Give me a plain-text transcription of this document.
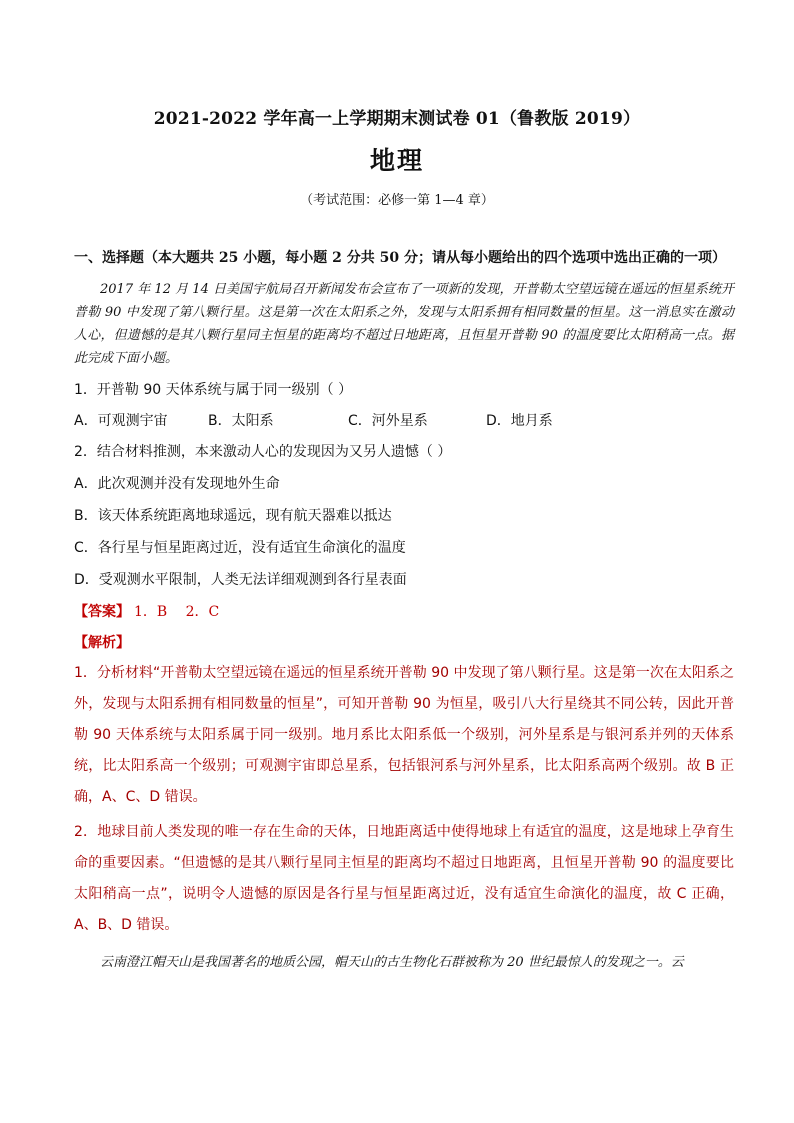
2021-2022 学年高一上学期期末测试卷 01（鲁教版 2019）
地理
（考试范围：必修一第 1—4 章）
一、选择题（本大题共 25 小题，每小题 2 分共 50 分；请从每小题给出的四个选项中选出正确的一项）

2017 年 12 月 14 日美国宇航局召开新闻发布会宣布了一项新的发现，开普勒太空望远镜在遥远的恒星系统开普勒 90 中发现了第八颗行星。这是第一次在太阳系之外，发现与太阳系拥有相同数量的恒星。这一消息实在激动人心，但遗憾的是其八颗行星同主恒星的距离均不超过日地距离，且恒星开普勒 90 的温度要比太阳稍高一点。据此完成下面小题。

1．开普勒 90 天体系统与属于同一级别（ ）
A．可观测宇宙	B．太阳系	C．河外星系	D．地月系
2．结合材料推测，本来激动人心的发现因为又另人遗憾（ ）
A．此次观测并没有发现地外生命
B．该天体系统距离地球遥远，现有航天器难以抵达
C．各行星与恒星距离过近，没有适宜生命演化的温度
D．受观测水平限制，人类无法详细观测到各行星表面
【答案】 1．B　 2．C
【解析】

1．分析材料“开普勒太空望远镜在遥远的恒星系统开普勒 90 中发现了第八颗行星。这是第一次在太阳系之外，发现与太阳系拥有相同数量的恒星”，可知开普勒 90 为恒星，吸引八大行星绕其不同公转，因此开普勒 90 天体系统与太阳系属于同一级别。地月系比太阳系低一个级别，河外星系是与银河系并列的天体系统，比太阳系高一个级别；可观测宇宙即总星系，包括银河系与河外星系，比太阳系高两个级别。故 B 正确，A、C、D 错误。

2．地球目前人类发现的唯一存在生命的天体，日地距离适中使得地球上有适宜的温度，这是地球上孕育生命的重要因素。“但遗憾的是其八颗行星同主恒星的距离均不超过日地距离，且恒星开普勒 90 的温度要比太阳稍高一点”，说明令人遗憾的原因是各行星与恒星距离过近，没有适宜生命演化的温度，故 C 正确，A、B、D 错误。

云南澄江帽天山是我国著名的地质公园，帽天山的古生物化石群被称为 20 世纪最惊人的发现之一。云
